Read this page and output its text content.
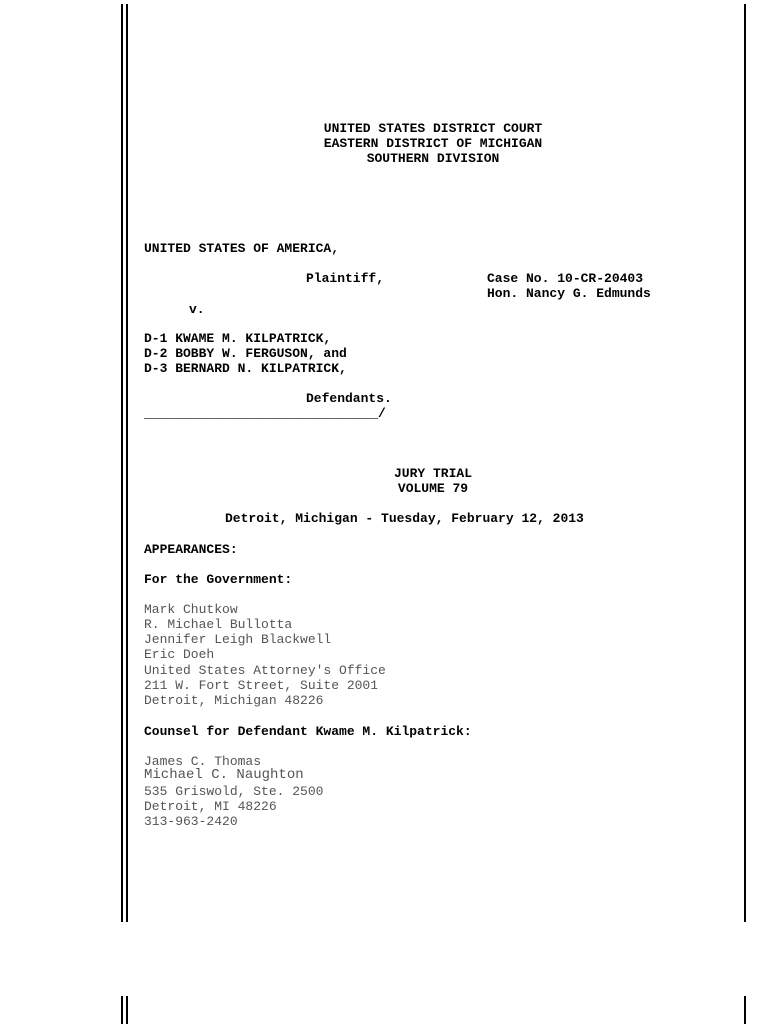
UNITED STATES DISTRICT COURT
EASTERN DISTRICT OF MICHIGAN
SOUTHERN DIVISION
UNITED STATES OF AMERICA,
Plaintiff,	Case No. 10-CR-20403
Hon. Nancy G. Edmunds
v.
D-1 KWAME M. KILPATRICK,
D-2 BOBBY W. FERGUSON, and
D-3 BERNARD N. KILPATRICK,
Defendants.
______________________________/
JURY TRIAL
VOLUME 79
Detroit, Michigan - Tuesday, February 12, 2013
APPEARANCES:
For the Government:
Mark Chutkow
R. Michael Bullotta
Jennifer Leigh Blackwell
Eric Doeh
United States Attorney's Office
211 W. Fort Street, Suite 2001
Detroit, Michigan 48226
Counsel for Defendant Kwame M. Kilpatrick:
James C. Thomas
Michael C. Naughton
535 Griswold, Ste. 2500
Detroit, MI 48226
313-963-2420
